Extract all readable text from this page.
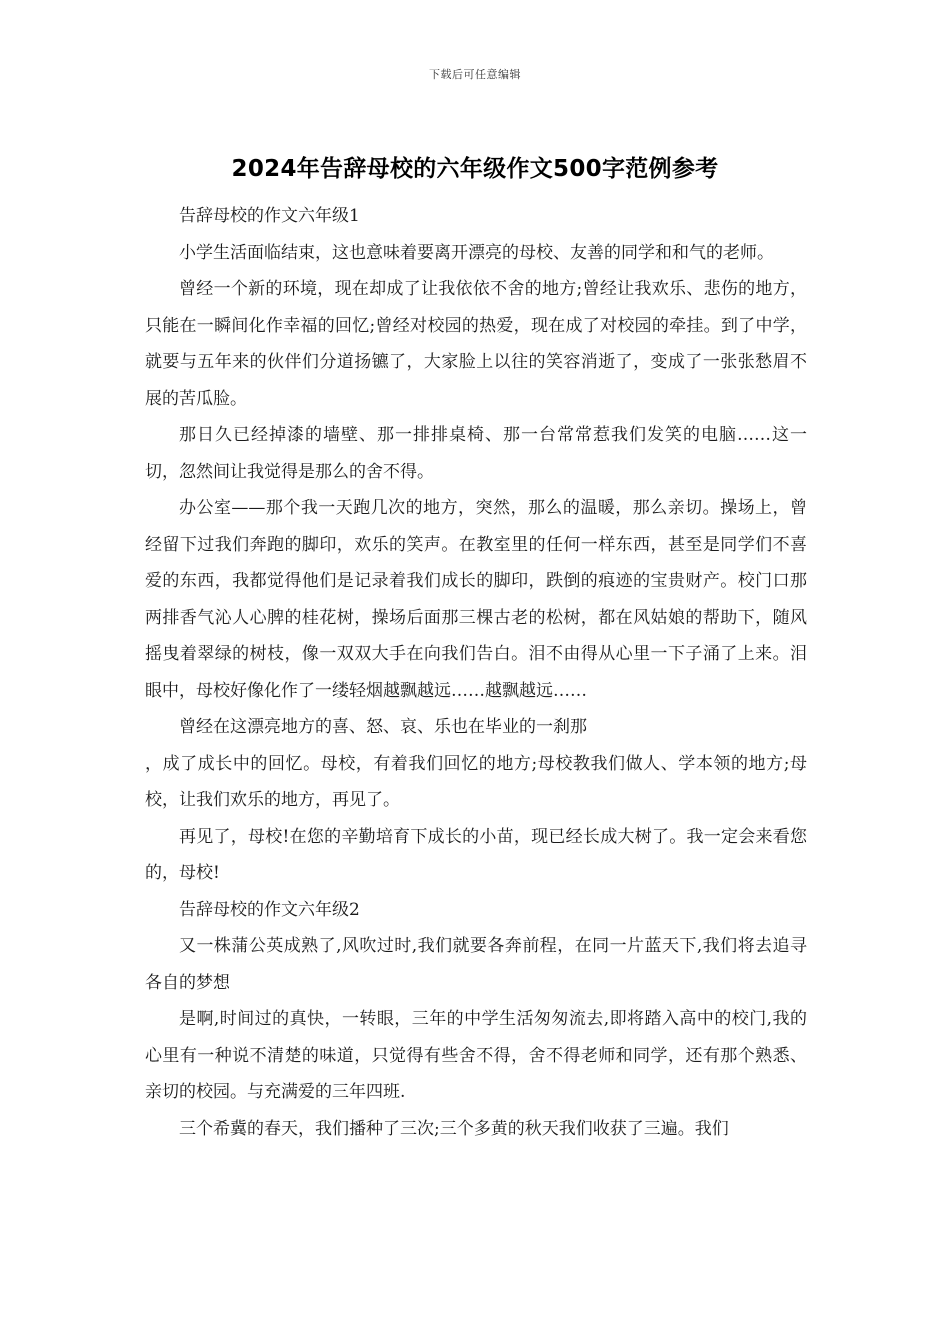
下载后可任意编辑
2024年告辞母校的六年级作文500字范例参考

告辞母校的作文六年级1

小学生活面临结束，这也意味着要离开漂亮的母校、友善的同学和和气的老师。

曾经一个新的环境，现在却成了让我依依不舍的地方;曾经让我欢乐、悲伤的地方，只能在一瞬间化作幸福的回忆;曾经对校园的热爱，现在成了对校园的牵挂。到了中学，就要与五年来的伙伴们分道扬镳了，大家脸上以往的笑容消逝了，变成了一张张愁眉不展的苦瓜脸。

那日久已经掉漆的墙壁、那一排排桌椅、那一台常常惹我们发笑的电脑……这一切，忽然间让我觉得是那么的舍不得。

办公室——那个我一天跑几次的地方，突然，那么的温暖，那么亲切。操场上，曾经留下过我们奔跑的脚印，欢乐的笑声。在教室里的任何一样东西，甚至是同学们不喜爱的东西，我都觉得他们是记录着我们成长的脚印，跌倒的痕迹的宝贵财产。校门口那两排香气沁人心脾的桂花树，操场后面那三棵古老的松树，都在风姑娘的帮助下，随风摇曳着翠绿的树枝，像一双双大手在向我们告白。泪不由得从心里一下子涌了上来。泪眼中，母校好像化作了一缕轻烟越飘越远……越飘越远……

曾经在这漂亮地方的喜、怒、哀、乐也在毕业的一刹那

，成了成长中的回忆。母校，有着我们回忆的地方;母校教我们做人、学本领的地方;母校，让我们欢乐的地方，再见了。

再见了，母校!在您的辛勤培育下成长的小苗，现已经长成大树了。我一定会来看您的，母校!

告辞母校的作文六年级2

又一株蒲公英成熟了,风吹过时,我们就要各奔前程，在同一片蓝天下,我们将去追寻各自的梦想

是啊,时间过的真快，一转眼，三年的中学生活匆匆流去,即将踏入高中的校门,我的心里有一种说不清楚的味道，只觉得有些舍不得，舍不得老师和同学，还有那个熟悉、亲切的校园。与充满爱的三年四班.

三个希冀的春天，我们播种了三次;三个多黄的秋天我们收获了三遍。我们
